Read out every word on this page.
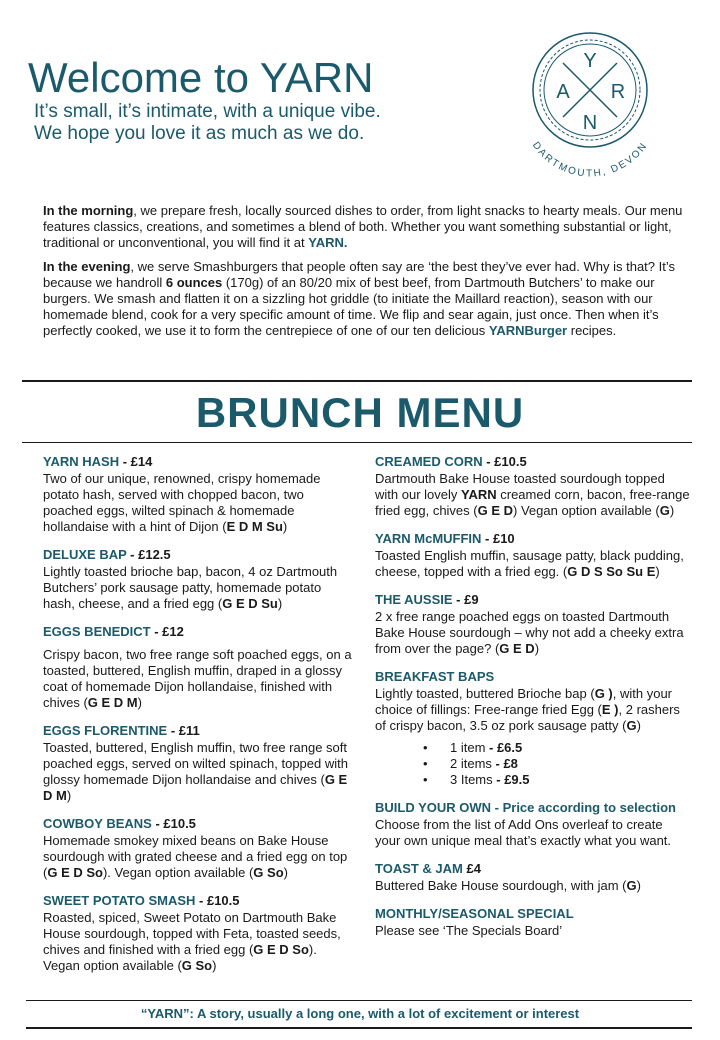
Welcome to YARN
It’s small, it’s intimate, with a unique vibe.
We hope you love it as much as we do.
Y
A R
N
DARTMOUTH, DEVON

In the morning, we prepare fresh, locally sourced dishes to order, from light snacks to hearty meals. Our menu features classics, creations, and sometimes a blend of both. Whether you want something substantial or light, traditional or unconventional, you will find it at YARN.

In the evening, we serve Smashburgers that people often say are ‘the best they’ve ever had. Why is that? It’s because we handroll 6 ounces (170g) of an 80/20 mix of best beef, from Dartmouth Butchers’ to make our burgers. We smash and flatten it on a sizzling hot griddle (to initiate the Maillard reaction), season with our homemade blend, cook for a very specific amount of time. We flip and sear again, just once. Then when it’s perfectly cooked, we use it to form the centrepiece of one of our ten delicious YARNBurger recipes.

BRUNCH MENU
YARN HASH - £14
Two of our unique, renowned, crispy homemade potato hash, served with chopped bacon, two poached eggs, wilted spinach & homemade hollandaise with a hint of Dijon (E D M Su)
DELUXE BAP - £12.5
Lightly toasted brioche bap, bacon, 4 oz Dartmouth Butchers’ pork sausage patty, homemade potato hash, cheese, and a fried egg (G E D Su)
EGGS BENEDICT - £12
Crispy bacon, two free range soft poached eggs, on a toasted, buttered, English muffin, draped in a glossy coat of homemade Dijon hollandaise, finished with chives (G E D M)
EGGS FLORENTINE - £11
Toasted, buttered, English muffin, two free range soft poached eggs, served on wilted spinach, topped with glossy homemade Dijon hollandaise and chives (G E D M)
COWBOY BEANS - £10.5
Homemade smokey mixed beans on Bake House sourdough with grated cheese and a fried egg on top (G E D So). Vegan option available (G So)
SWEET POTATO SMASH - £10.5
Roasted, spiced, Sweet Potato on Dartmouth Bake House sourdough, topped with Feta, toasted seeds, chives and finished with a fried egg (G E D So). Vegan option available (G So)
CREAMED CORN - £10.5
Dartmouth Bake House toasted sourdough topped with our lovely YARN creamed corn, bacon, free-range fried egg, chives (G E D) Vegan option available (G)
YARN McMUFFIN - £10
Toasted English muffin, sausage patty, black pudding, cheese, topped with a fried egg. (G D S So Su E)
THE AUSSIE - £9
2 x free range poached eggs on toasted Dartmouth Bake House sourdough – why not add a cheeky extra from over the page? (G E D)
BREAKFAST BAPS
Lightly toasted, buttered Brioche bap (G ), with your choice of fillings: Free-range fried Egg (E ), 2 rashers of crispy bacon, 3.5 oz pork sausage patty (G)
• 1 item - £6.5
• 2 items - £8
• 3 Items - £9.5
BUILD YOUR OWN - Price according to selection
Choose from the list of Add Ons overleaf to create your own unique meal that’s exactly what you want.
TOAST & JAM £4
Buttered Bake House sourdough, with jam (G)
MONTHLY/SEASONAL SPECIAL
Please see ‘The Specials Board’
“YARN”: A story, usually a long one, with a lot of excitement or interest
